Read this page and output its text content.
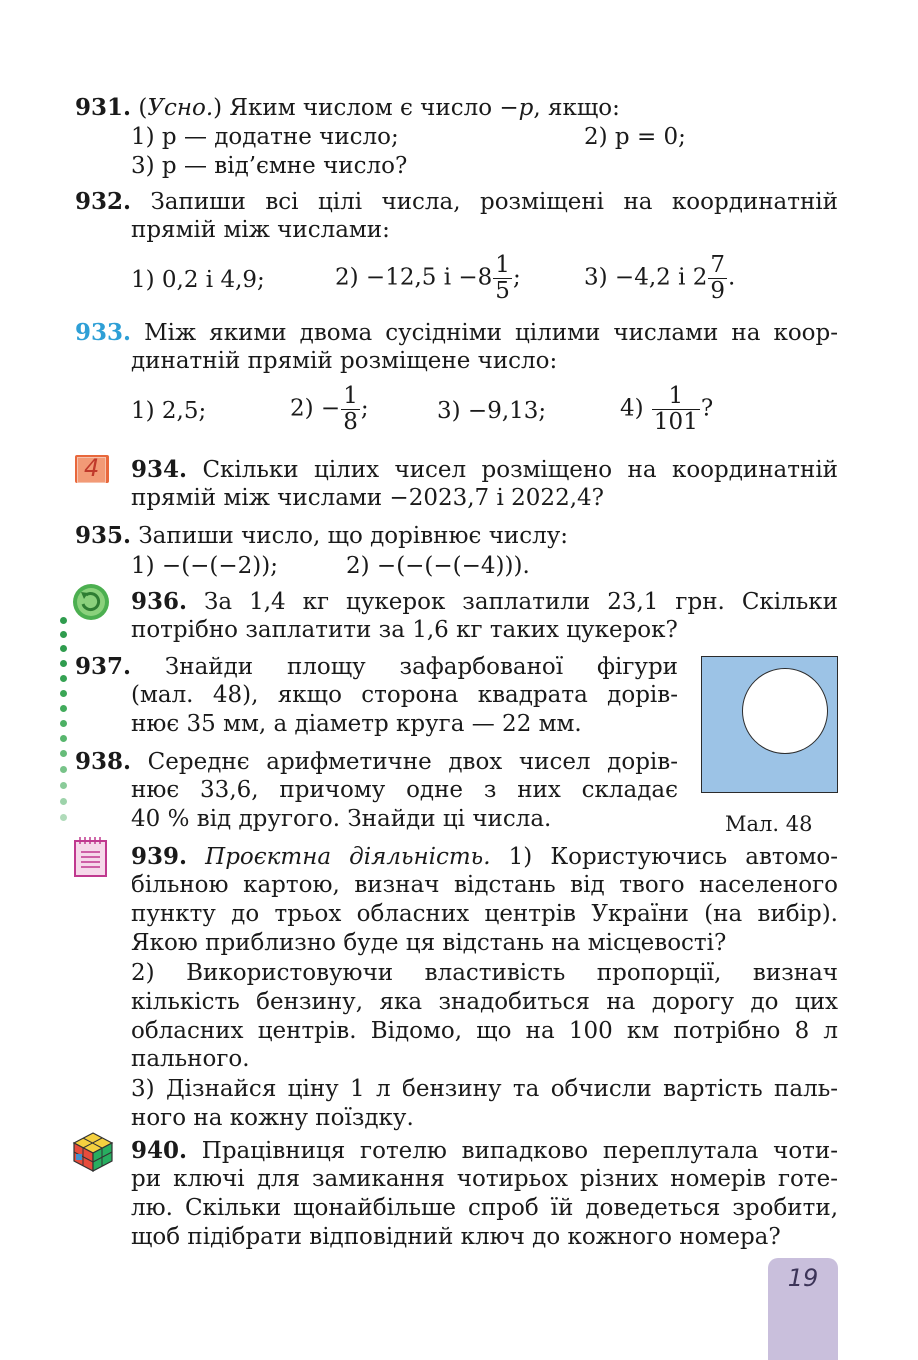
931. (Усно.) Яким числом є число −p, якщо:
1) p — додатне число;	2) p = 0;
3) p — від’ємне число?
932. Запиши всі цілі числа, розміщені на координатній
прямій між числами:
1) 0,2 і 4,9;	2) −12,5 $і -8 \frac{1}{5}$ ;	3) −4,2 і $2 \frac{7}{9}$ .
933. Між якими двома сусідніми цілими числами на коор-
динатній прямій розміщене число:
1) 2,5;	$2) - \frac{1}{8}$ ;	3) −9,13;	$4) \frac{1}{101}$ ?
4 934. Скільки цілих чисел розміщено на координатній
прямій між числами −2023,7 і 2022,4?
935. Запиши число, що дорівнює числу:
1) −(−(−2));	2) −(−(−(−4))).
936. За 1,4 кг цукерок заплатили 23,1 грн. Скільки
потрібно заплатити за 1,6 кг таких цукерок?
937. Знайди площу зафарбованої фігури
(мал. 48), якщо сторона квадрата дорів-
нює 35 мм, а діаметр круга — 22 мм.
938. Середнє арифметичне двох чисел дорів-
нює 33,6, причому одне з них складає
40 % від другого. Знайди ці числа.	Мал. 48
939. Проєктна діяльність. 1) Користуючись автомо-
більною картою, визнач відстань від твого населеного
пункту до трьох обласних центрів України (на вибір).
Якою приблизно буде ця відстань на місцевості?
2) Використовуючи властивість пропорції, визнач
кількість бензину, яка знадобиться на дорогу до цих
обласних центрів. Відомо, що на 100 км потрібно 8 л
пального.
3) Дізнайся ціну 1 л бензину та обчисли вартість паль-
ного на кожну поїздку.
940. Працівниця готелю випадково переплутала чоти-
ри ключі для замикання чотирьох різних номерів готе-
лю. Скільки щонайбільше спроб їй доведеться зробити,
щоб підібрати відповідний ключ до кожного номера?
19
